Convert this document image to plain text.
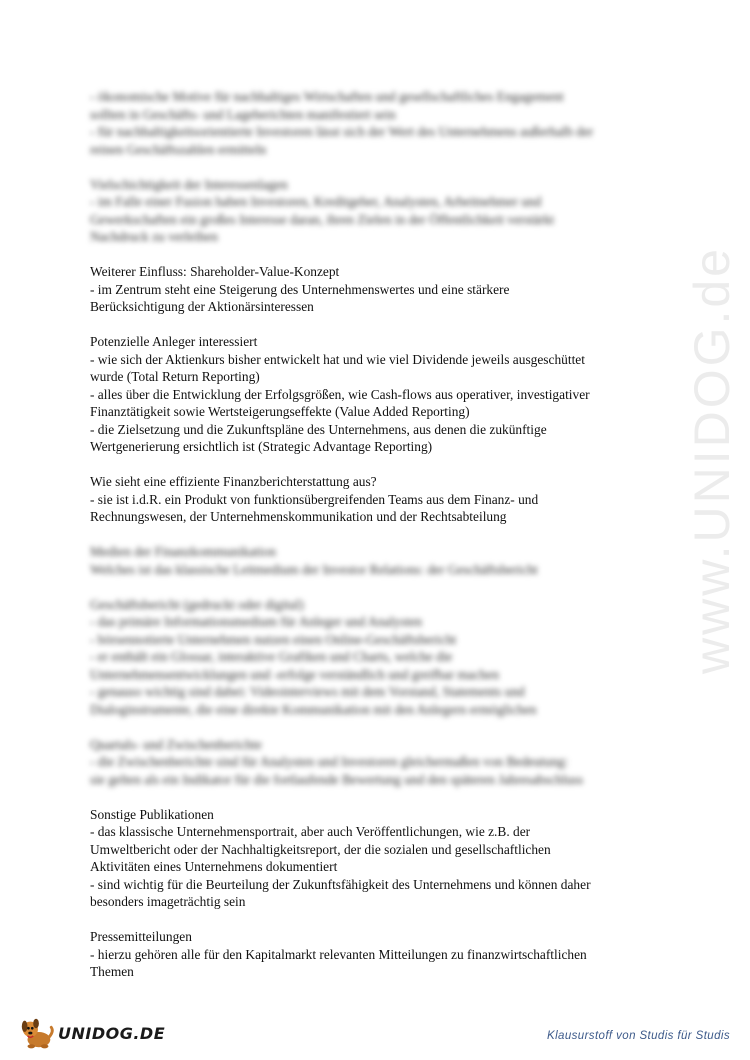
www.UNIDOG.de
- ökonomische Motive für nachhaltiges Wirtschaften und gesellschaftliches Engagement
sollten in Geschäfts- und Lageberichten manifestiert sein
- für nachhaltigkeitsorientierte Investoren lässt sich der Wert des Unternehmens außerhalb der
reinen Geschäftszahlen ermitteln
Vielschichtigkeit der Interessenlagen
- im Falle einer Fusion haben Investoren, Kreditgeber, Analysten, Arbeitnehmer und
Gewerkschaften ein großes Interesse daran, ihren Zielen in der Öffentlichkeit verstärkt
Nachdruck zu verleihen
Weiterer Einfluss: Shareholder-Value-Konzept
- im Zentrum steht eine Steigerung des Unternehmenswertes und eine stärkere
Berücksichtigung der Aktionärsinteressen
Potenzielle Anleger interessiert
- wie sich der Aktienkurs bisher entwickelt hat und wie viel Dividende jeweils ausgeschüttet
wurde (Total Return Reporting)
- alles über die Entwicklung der Erfolgsgrößen, wie Cash-flows aus operativer, investigativer
Finanztätigkeit sowie Wertsteigerungseffekte (Value Added Reporting)
- die Zielsetzung und die Zukunftspläne des Unternehmens, aus denen die zukünftige
Wertgenerierung ersichtlich ist (Strategic Advantage Reporting)
Wie sieht eine effiziente Finanzberichterstattung aus?
- sie ist i.d.R. ein Produkt von funktionsübergreifenden Teams aus dem Finanz- und
Rechnungswesen, der Unternehmenskommunikation und der Rechtsabteilung
Medien der Finanzkommunikation
Welches ist das klassische Leitmedium der Investor Relations: der Geschäftsbericht
Geschäftsbericht (gedruckt oder digital)
- das primäre Informationsmedium für Anleger und Analysten
- börsennotierte Unternehmen nutzen einen Online-Geschäftsbericht
- er enthält ein Glossar, interaktive Grafiken und Charts, welche die
Unternehmensentwicklungen und -erfolge verständlich und greifbar machen
- genauso wichtig sind dabei: Videointerviews mit dem Vorstand, Statements und
Dialoginstrumente, die eine direkte Kommunikation mit den Anlegern ermöglichen
Quartals- und Zwischenberichte
- die Zwischenberichte sind für Analysten und Investoren gleichermaßen von Bedeutung:
sie gelten als ein Indikator für die fortlaufende Bewertung und den späteren Jahresabschluss
Sonstige Publikationen
- das klassische Unternehmensportrait, aber auch Veröffentlichungen, wie z.B. der
Umweltbericht oder der Nachhaltigkeitsreport, der die sozialen und gesellschaftlichen
Aktivitäten eines Unternehmens dokumentiert
- sind wichtig für die Beurteilung der Zukunftsfähigkeit des Unternehmens und können daher
besonders imageträchtig sein
Pressemitteilungen
- hierzu gehören alle für den Kapitalmarkt relevanten Mitteilungen zu finanzwirtschaftlichen
Themen
UNIDOG.DE	Klausurstoff von Studis für Studis
